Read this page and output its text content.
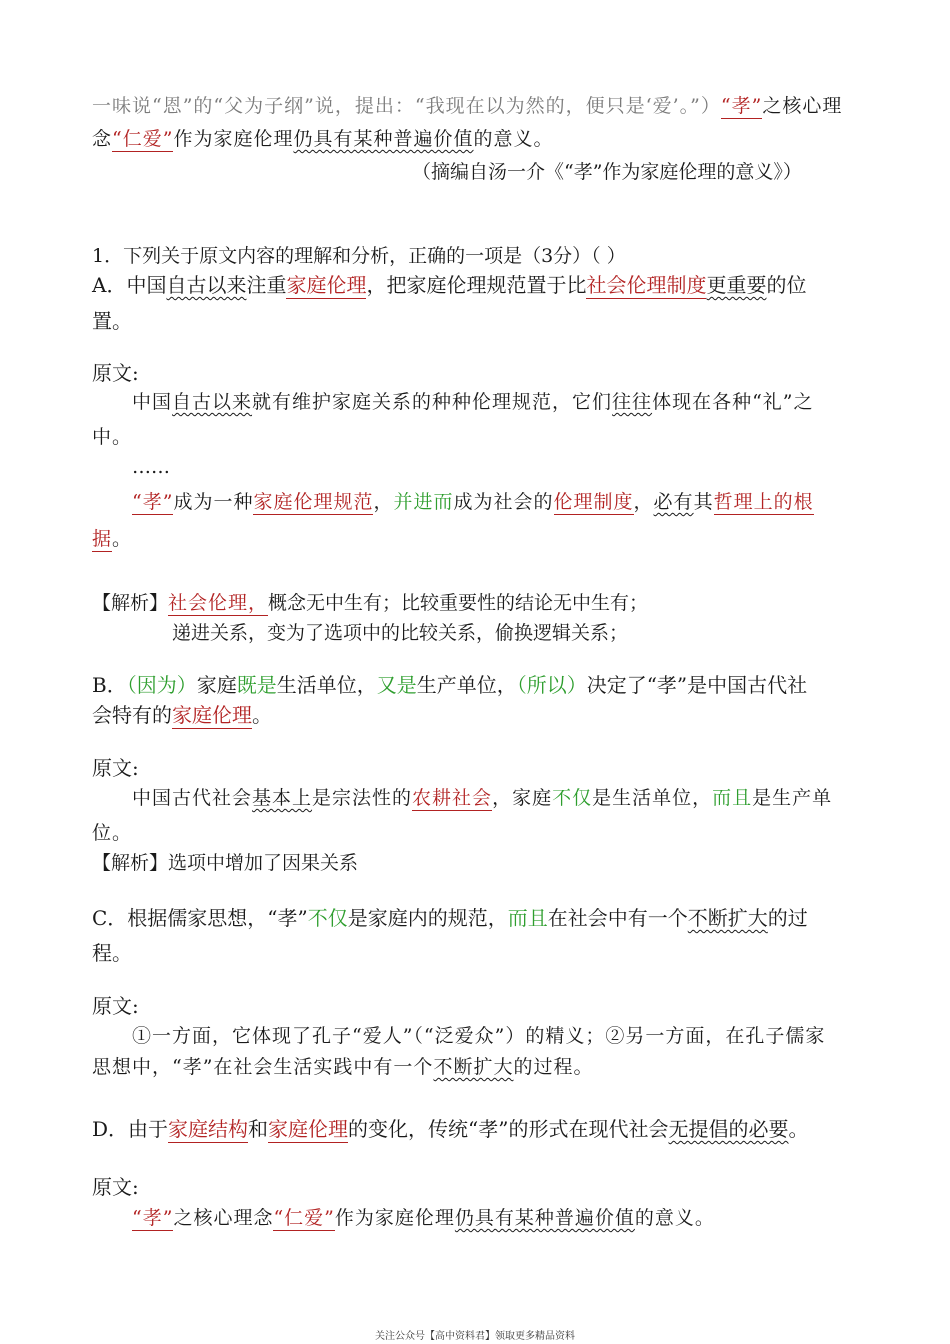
一味说“恩”的“父为子纲”说，提出：“我现在以为然的，便只是‘爱’。”）“孝”之核心理
念“仁爱”作为家庭伦理仍具有某种普遍价值的意义。
（摘编自汤一介《“孝”作为家庭伦理的意义》）
1．下列关于原文内容的理解和分析，正确的一项是（3分）（ ）
A．中国自古以来注重家庭伦理，把家庭伦理规范置于比社会伦理制度更重要的位
置。
原文:
中国自古以来就有维护家庭关系的种种伦理规范，它们往往体现在各种“礼”之
中。
……
“孝”成为一种家庭伦理规范，并进而成为社会的伦理制度，必有其哲理上的根
据。
【解析】社会伦理，概念无中生有；比较重要性的结论无中生有；
递进关系，变为了选项中的比较关系，偷换逻辑关系；
B．（因为）家庭既是生活单位，又是生产单位，（所以）决定了“孝”是中国古代社
会特有的家庭伦理。
原文:
中国古代社会基本上是宗法性的农耕社会，家庭不仅是生活单位，而且是生产单
位。
【解析】选项中增加了因果关系
C．根据儒家思想，“孝”不仅是家庭内的规范，而且在社会中有一个不断扩大的过
程。
原文:
①一方面，它体现了孔子“爱人”（“泛爱众”）的精义；②另一方面，在孔子儒家
思想中，“孝”在社会生活实践中有一个不断扩大的过程。
D．由于家庭结构和家庭伦理的变化，传统“孝”的形式在现代社会无提倡的必要。
原文:
“孝”之核心理念“仁爱”作为家庭伦理仍具有某种普遍价值的意义。
关注公众号【高中资料君】领取更多精品资料
